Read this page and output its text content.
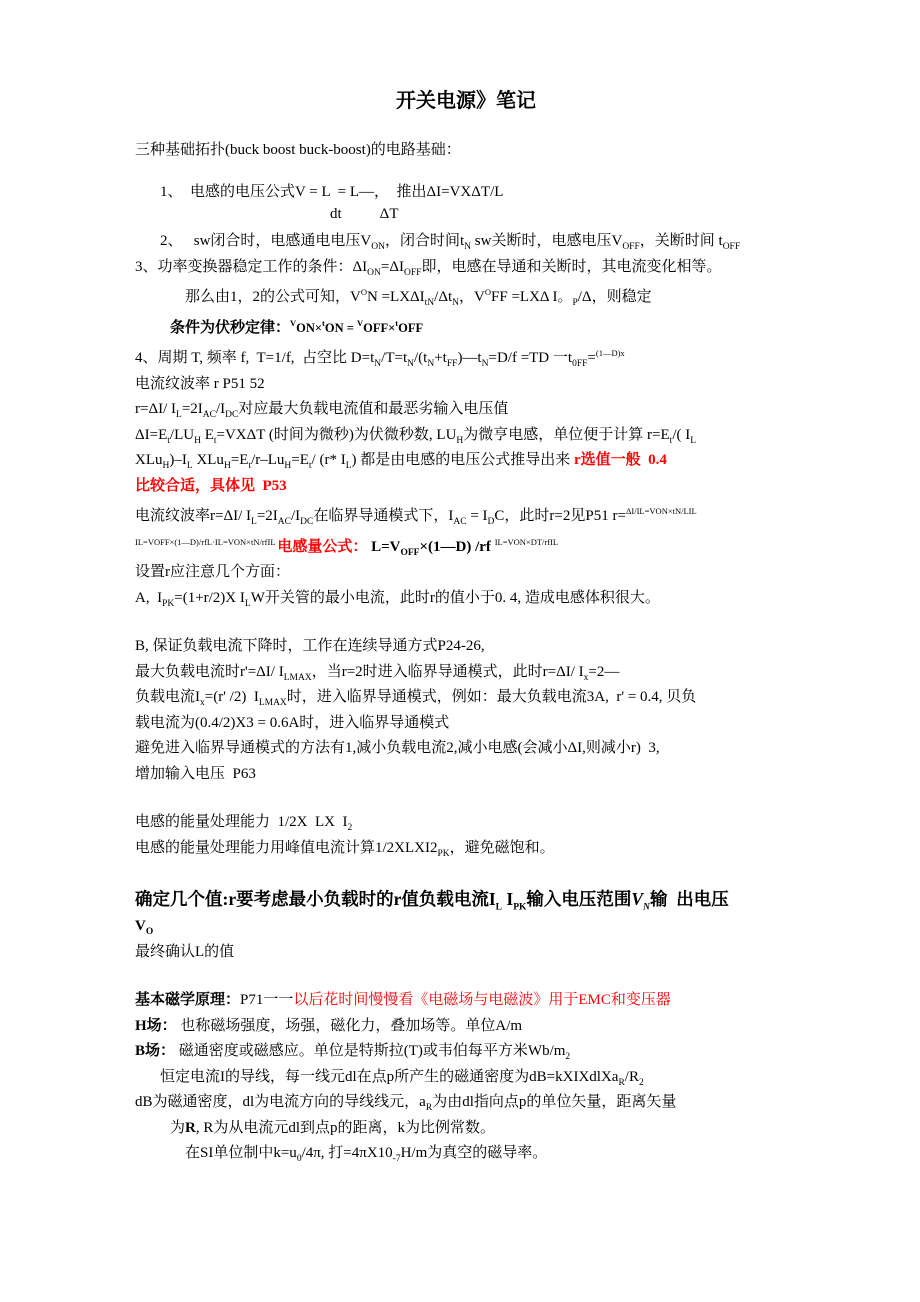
开关电源》笔记

三种基础拓扑(buck boost buck-boost)的电路基础：

1、　电感的电压公式V = L  = L—，　推出ΔI=VXΔT/L

dt	ΔT

2、　 sw闭合时，电感通电电压$V_{ON}$，闭合时间$t_N$ sw关断时，电感电压$V_{OFF}$，关断时间 $t_{OFF}$

3、功率变换器稳定工作的条件：$\Delta I_{ON}=\Delta I_{OFF}$即，电感在导通和关断时，其电流变化相等。

那么由1，2的公式可知，$V^ON =LX\Delta I_{tN}/\Delta t_N$，$V^OFF =LX\Delta$ I。$_P$/Δ，则稳定

条件为伏秒定律：$^V$ON×$^t$ON = $^V$OFF×$^t$OFF

4、周期 T, 频率 f,  T=1/f,  占空比 $D=t_N/T=t_N/(t_N+t_{FF})—t_N=D/f =TD$ 一$t_{0FF}=^{(1—D)x}$

电流纹波率 r P51 52

r=ΔI/ $I_L=2I_{AC}/I_{DC}$对应最大负载电流值和最恶劣输入电压值

$\Delta I=E_t/LU_H$ $E_t=VX\Delta T$ (时间为微秒)为伏微秒数, $LU_H$为微亨电感，单位便于计算 $r=E_t/$( $I_L$

$XLu_H)-I_L$ $XLu_H=E_t/r-Lu_H=E_t/$ (r* $I_L$) 都是由电感的电压公式推导出来 r选值一般  0.4

比较合适，具体见  P53

电流纹波率r=ΔI/ $I_L=2I_{AC}/I_{DC}$在临界导通模式下，$I_{AC} = I_DC$，此时r=2见P51 r=$^{\Delta I/IL=VON\times tN/LIL}$

$^{IL=VOFF\times(1—D)/rfL\cdot IL=VON\times tN/rfIL}$ 电感量公式： $L=V_{OFF}\times(1—D)$ /rf $^{IL=VON\times DT/rfIL}$

设置r应注意几个方面：

A,  $I_{PK}=(1+r/2)X$ $I_LW$开关管的最小电流，此时r的值小于0. 4, 造成电感体积很大。

B, 保证负载电流下降时，工作在连续导通方式P24-26,

最大负载电流时r'=ΔI/ $I_{LMAX}$，当r=2时进入临界导通模式，此时r=ΔI/ $I_x=2—$

负载电流$I_x=(r'$ /2)  $I_{LMAX}$时，进入临界导通模式，例如：最大负载电流3A,  r' = 0.4, 贝负

载电流为(0.4/2)X3 = 0.6A时，进入临界导通模式

避免进入临界导通模式的方法有1,减小负载电流2,减小电感(会减小ΔI,则减小r)  3,

增加输入电压  P63

电感的能量处理能力  1/2X  LX  $I_2$

电感的能量处理能力用峰值电流计算$1/2XLXI2_{PK}$，避免磁饱和。

确定几个值:r要考虑最小负载时的r值负载电流$I_L$ $I_{PK}$输入电压范围$V_N$输  出电压

$V_O$

最终确认L的值

基本磁学原理：P71一一以后花时间慢慢看《电磁场与电磁波》用于EMC和变压器

H场： 也称磁场强度，场强，磁化力，叠加场等。单位A/m

B场： 磁通密度或磁感应。单位是特斯拉(T)或韦伯每平方米$Wb/m_2$

恒定电流I的导线，每一线元dl在点p所产生的磁通密度为$dB=kXIXdlXa_R/R_2$

dB为磁通密度，dl为电流方向的导线线元，$a_R$为由dl指向点p的单位矢量，距离矢量

为R, R为从电流元dl到点p的距离，k为比例常数。

在SI单位制中$k=u_0/4\pi$, 打$=4\pi X10_{-7}H/m$为真空的磁导率。
